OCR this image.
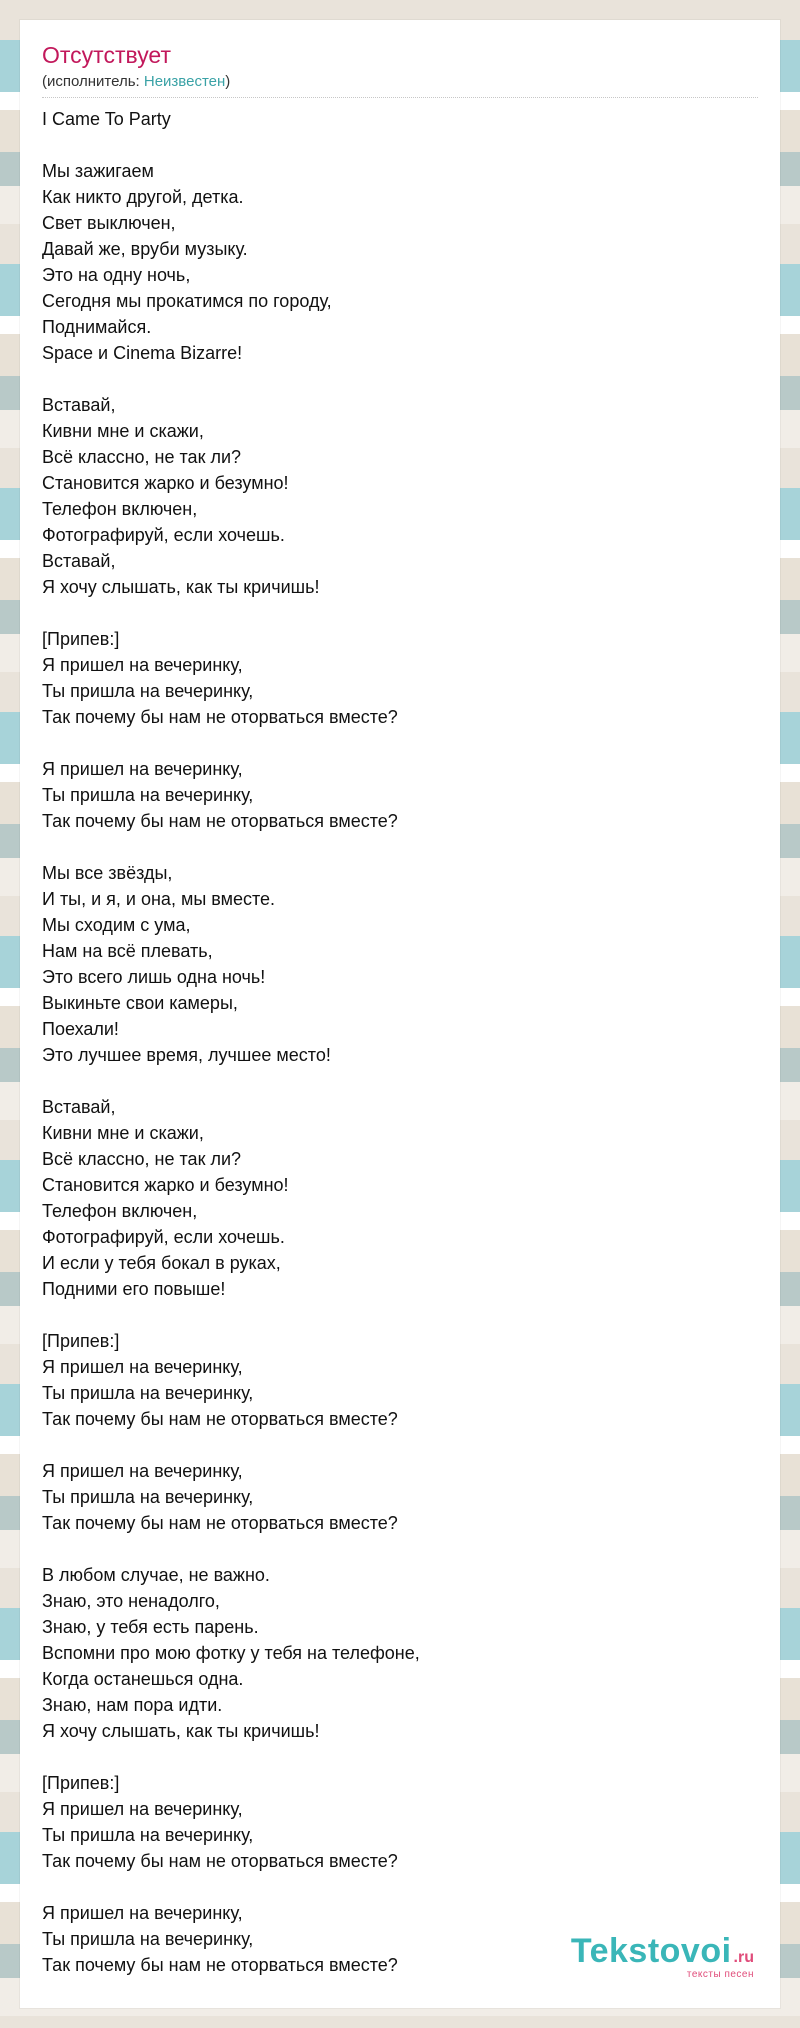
Отсутствует
(исполнитель: Неизвестен)
I Came To Party

Мы зажигаем
Как никто другой, детка.
Свет выключен,
Давай же, вруби музыку.
Это на одну ночь,
Сегодня мы прокатимся по городу,
Поднимайся.
Space и Cinema Bizarre!

Вставай,
Кивни мне и скажи,
Всё классно, не так ли?
Становится жарко и безумно!
Телефон включен,
Фотографируй, если хочешь.
Вставай,
Я хочу слышать, как ты кричишь!

[Припев:]
Я пришел на вечеринку,
Ты пришла на вечеринку,
Так почему бы нам не оторваться вместе?

Я пришел на вечеринку,
Ты пришла на вечеринку,
Так почему бы нам не оторваться вместе?

Мы все звёзды,
И ты, и я, и она, мы вместе.
Мы сходим с ума,
Нам на всё плевать,
Это всего лишь одна ночь!
Выкиньте свои камеры,
Поехали!
Это лучшее время, лучшее место!

Вставай,
Кивни мне и скажи,
Всё классно, не так ли?
Становится жарко и безумно!
Телефон включен,
Фотографируй, если хочешь.
И если у тебя бокал в руках,
Подними его повыше!

[Припев:]
Я пришел на вечеринку,
Ты пришла на вечеринку,
Так почему бы нам не оторваться вместе?

Я пришел на вечеринку,
Ты пришла на вечеринку,
Так почему бы нам не оторваться вместе?

В любом случае, не важно.
Знаю, это ненадолго,
Знаю, у тебя есть парень.
Вспомни про мою фотку у тебя на телефоне,
Когда останешься одна.
Знаю, нам пора идти.
Я хочу слышать, как ты кричишь!

[Припев:]
Я пришел на вечеринку,
Ты пришла на вечеринку,
Так почему бы нам не оторваться вместе?

Я пришел на вечеринку,
Ты пришла на вечеринку,
Так почему бы нам не оторваться вместе?	Tekstovoi .ru
тексты песен
